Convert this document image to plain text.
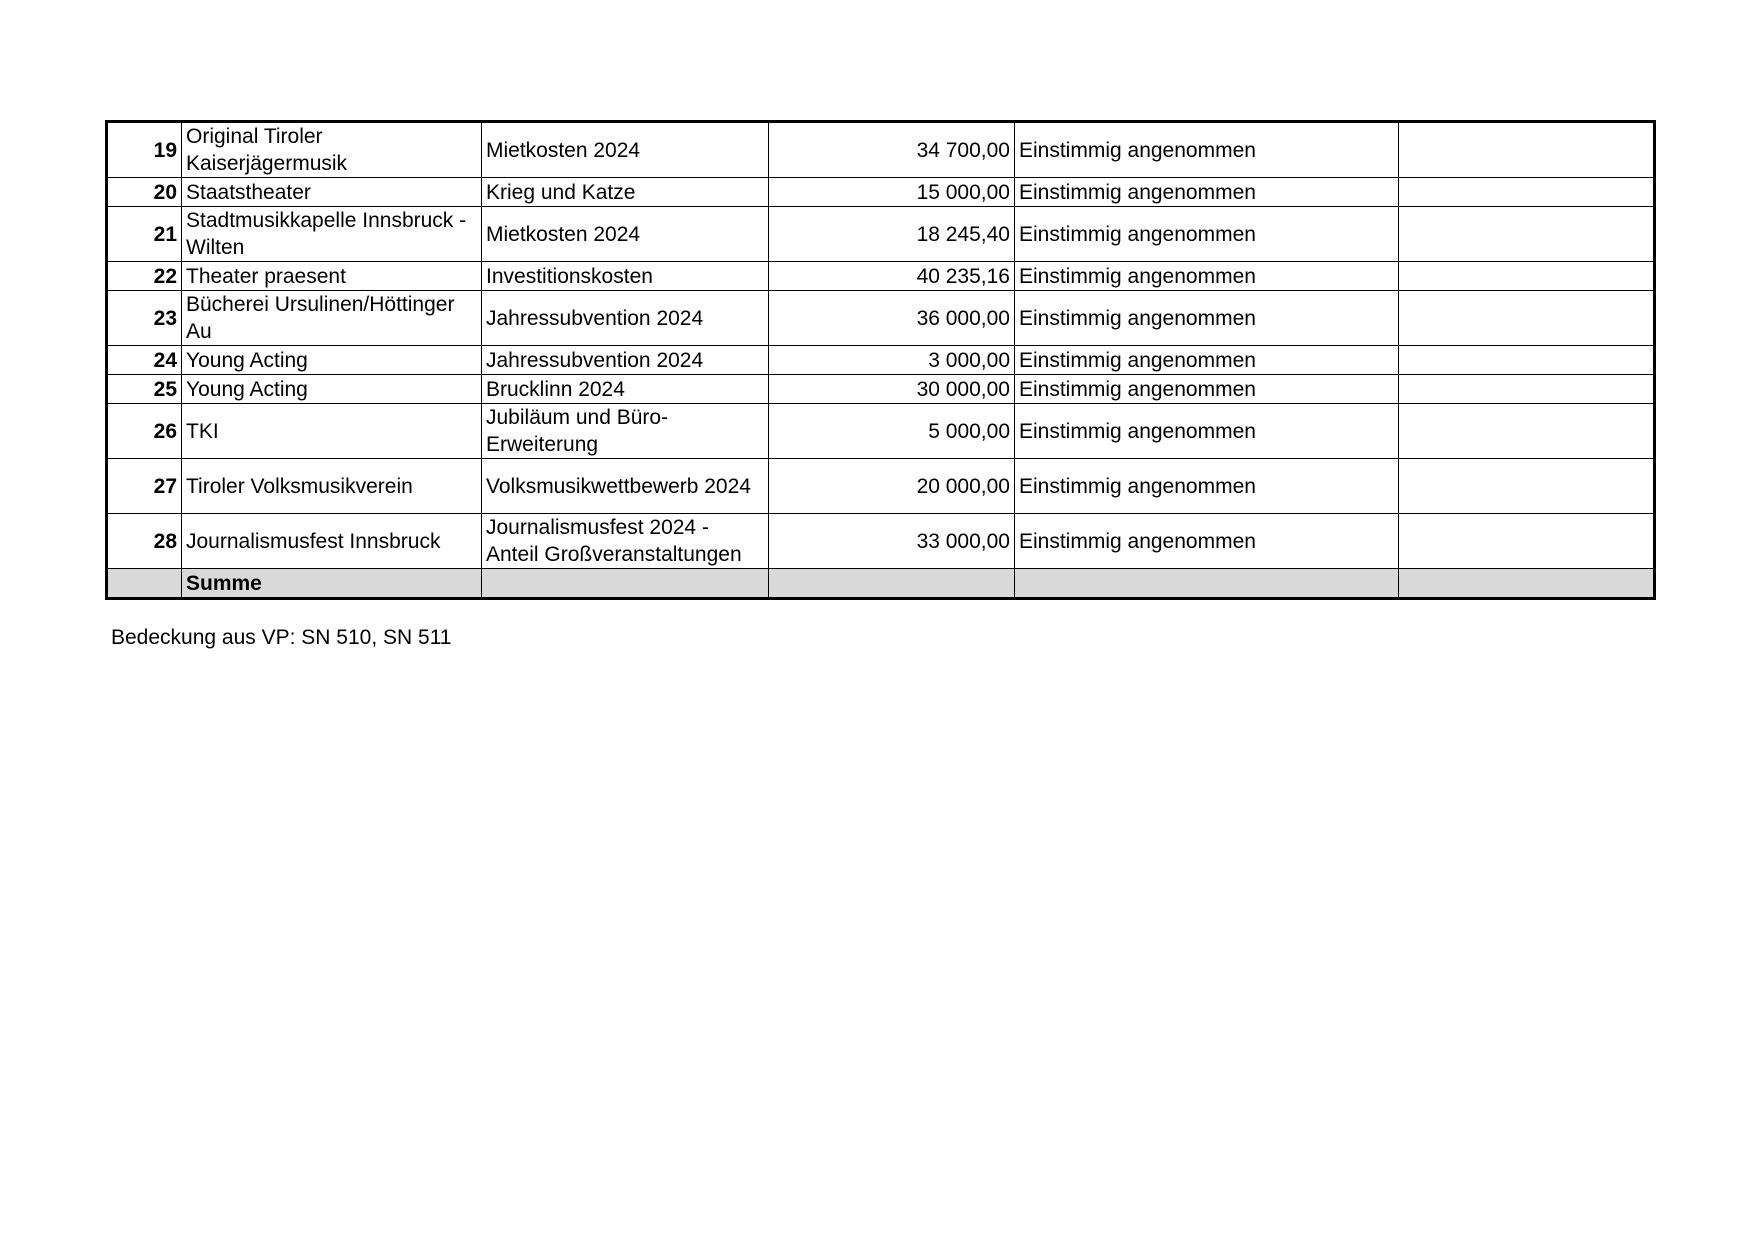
19	Original Tiroler Kaiserjägermusik	Mietkosten 2024	34 700,00	Einstimmig angenommen	
20	Staatstheater	Krieg und Katze	15 000,00	Einstimmig angenommen	
21	Stadtmusikkapelle Innsbruck - Wilten	Mietkosten 2024	18 245,40	Einstimmig angenommen	
22	Theater praesent	Investitionskosten	40 235,16	Einstimmig angenommen	
23	Bücherei Ursulinen/Höttinger Au	Jahressubvention 2024	36 000,00	Einstimmig angenommen	
24	Young Acting	Jahressubvention 2024	3 000,00	Einstimmig angenommen	
25	Young Acting	Brucklinn 2024	30 000,00	Einstimmig angenommen	
26	TKI	Jubiläum und Büro-Erweiterung	5 000,00	Einstimmig angenommen	
27	Tiroler Volksmusikverein	Volksmusikwettbewerb 2024	20 000,00	Einstimmig angenommen	
28	Journalismusfest Innsbruck	Journalismusfest 2024 - Anteil Großveranstaltungen	33 000,00	Einstimmig angenommen	
	Summe				
Bedeckung aus VP: SN 510, SN 511
